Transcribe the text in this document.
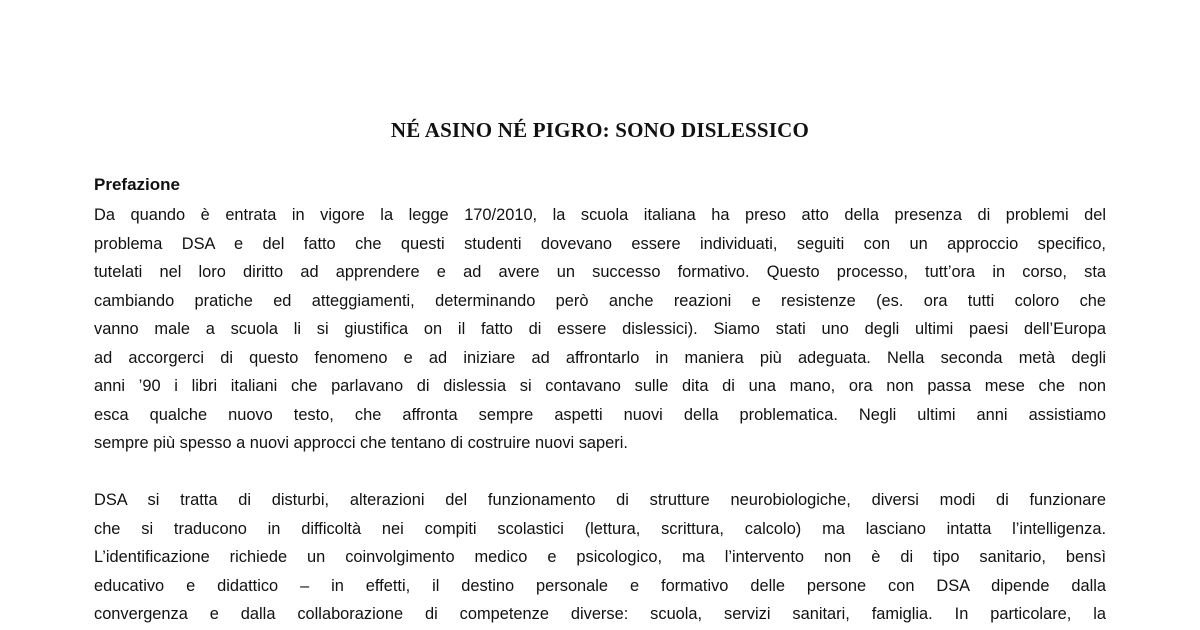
NÉ ASINO NÉ PIGRO: SONO DISLESSICO
Prefazione

Da quando è entrata in vigore la legge 170/2010, la scuola italiana ha preso atto della presenza di problemi del
problema DSA e del fatto che questi studenti dovevano essere individuati, seguiti con un approccio specifico,
tutelati nel loro diritto ad apprendere e ad avere un successo formativo. Questo processo, tutt’ora in corso, sta
cambiando pratiche ed atteggiamenti, determinando però anche reazioni e resistenze (es. ora tutti coloro che
vanno male a scuola li si giustifica on il fatto di essere dislessici). Siamo stati uno degli ultimi paesi dell’Europa
ad accorgerci di questo fenomeno e ad iniziare ad affrontarlo in maniera più adeguata. Nella seconda metà degli
anni ’90 i libri italiani che parlavano di dislessia si contavano sulle dita di una mano, ora non passa mese che non
esca qualche nuovo testo, che affronta sempre aspetti nuovi della problematica. Negli ultimi anni assistiamo
sempre più spesso a nuovi approcci che tentano di costruire nuovi saperi.

DSA si tratta di disturbi, alterazioni del funzionamento di strutture neurobiologiche, diversi modi di funzionare
che si traducono in difficoltà nei compiti scolastici (lettura, scrittura, calcolo) ma lasciano intatta l’intelligenza.
L’identificazione richiede un coinvolgimento medico e psicologico, ma l’intervento non è di tipo sanitario, bensì
educativo e didattico – in effetti, il destino personale e formativo delle persone con DSA dipende dalla
convergenza e dalla collaborazione di competenze diverse: scuola, servizi sanitari, famiglia. In particolare, la
